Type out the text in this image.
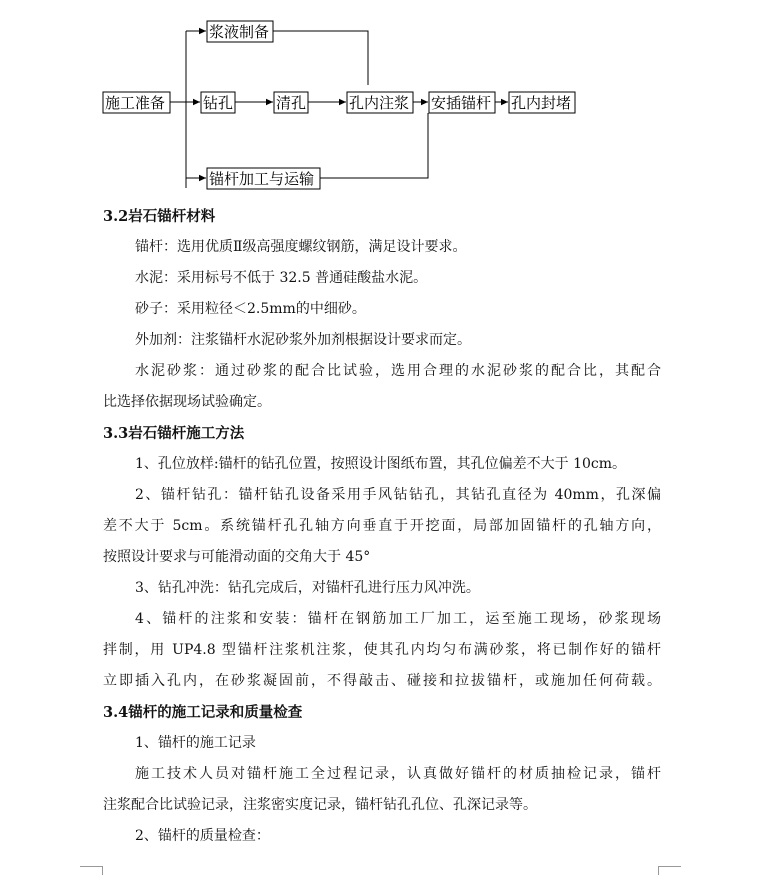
施工准备
浆液制备
钻孔	清孔	孔内注浆 安插锚杆 孔内封堵
锚杆加工与运输
3.2岩石锚杆材料
锚杆：选用优质Ⅱ级高强度螺纹钢筋，满足设计要求。
水泥：采用标号不低于 32.5 普通硅酸盐水泥。
砂子：采用粒径＜2.5mm的中细砂。
外加剂：注浆锚杆水泥砂浆外加剂根据设计要求而定。
水泥砂浆：通过砂浆的配合比试验，选用合理的水泥砂浆的配合比，其配合
比选择依据现场试验确定。
3.3岩石锚杆施工方法
1、孔位放样:锚杆的钻孔位置，按照设计图纸布置，其孔位偏差不大于 10cm。
2、锚杆钻孔：锚杆钻孔设备采用手风钻钻孔，其钻孔直径为 40mm，孔深偏
差不大于 5cm。系统锚杆孔孔轴方向垂直于开挖面，局部加固锚杆的孔轴方向，
按照设计要求与可能滑动面的交角大于 45°
3、钻孔冲洗：钻孔完成后，对锚杆孔进行压力风冲洗。
4、锚杆的注浆和安装：锚杆在钢筋加工厂加工，运至施工现场，砂浆现场
拌制，用 UP4.8 型锚杆注浆机注浆，使其孔内均匀布满砂浆，将已制作好的锚杆
立即插入孔内，在砂浆凝固前，不得敲击、碰接和拉拔锚杆，或施加任何荷载。
3.4锚杆的施工记录和质量检查
1、锚杆的施工记录
施工技术人员对锚杆施工全过程记录，认真做好锚杆的材质抽检记录，锚杆
注浆配合比试验记录，注浆密实度记录，锚杆钻孔孔位、孔深记录等。
2、锚杆的质量检查：
